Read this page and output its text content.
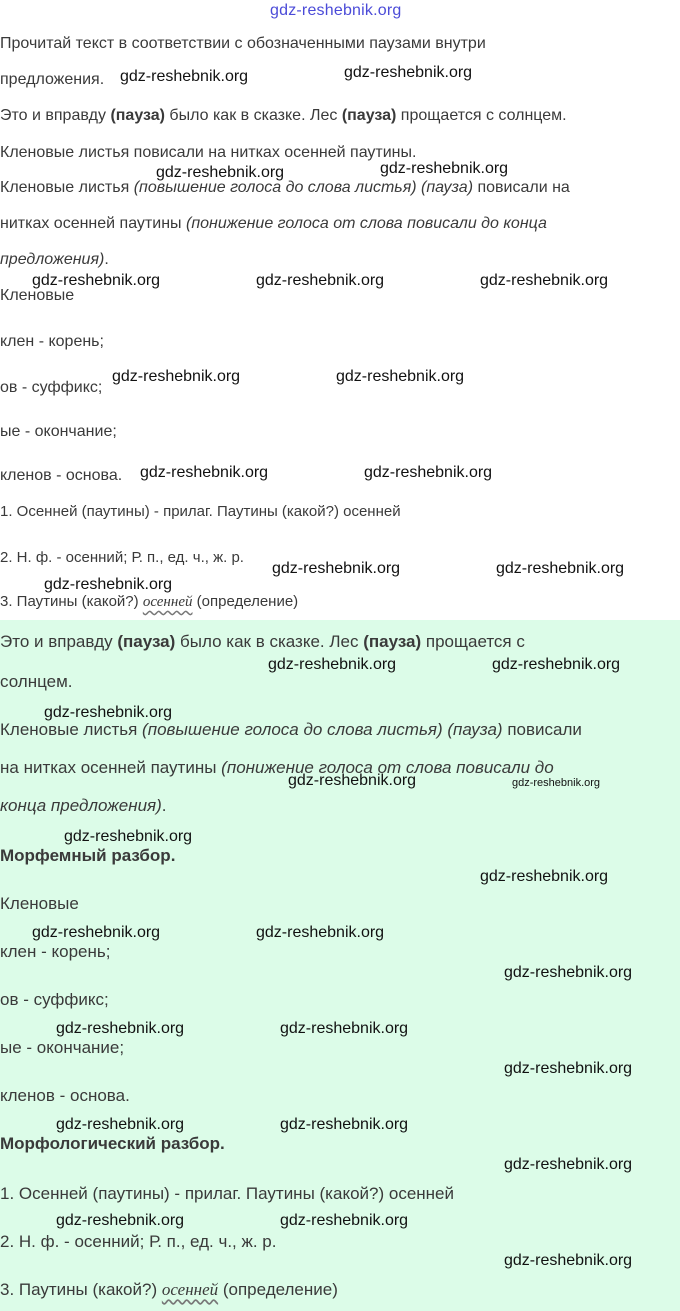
gdz-reshebnik.org
Прочитай текст в соответствии с обозначенными паузами внутри
предложения.
Это и вправду (пауза) было как в сказке. Лес (пауза) прощается с солнцем.
Кленовые листья повисали на нитках осенней паутины.
Кленовые листья (повышение голоса до слова листья) (пауза) повисали на
нитках осенней паутины (понижение голоса от слова повисали до конца
предложения).
Кленовые
клен - корень;
ов - суффикс;
ые - окончание;
кленов - основа.
1. Осенней (паутины) - прилаг. Паутины (какой?) осенней
2. Н. ф. - осенний; Р. п., ед. ч., ж. р.
3. Паутины (какой?) осенней (определение)
Это и вправду (пауза) было как в сказке. Лес (пауза) прощается с
солнцем.
Кленовые листья (повышение голоса до слова листья) (пауза) повисали
на нитках осенней паутины (понижение голоса от слова повисали до
конца предложения).
Морфемный разбор.
Кленовые
клен - корень;
ов - суффикс;
ые - окончание;
кленов - основа.
Морфологический разбор.
1. Осенней (паутины) - прилаг. Паутины (какой?) осенней
2. Н. ф. - осенний; Р. п., ед. ч., ж. р.
3. Паутины (какой?) осенней (определение)
gdz-reshebnik.org	gdz-reshebnik.org
gdz-reshebnik.org	gdz-reshebnik.org
gdz-reshebnik.org	gdz-reshebnik.org	gdz-reshebnik.org
gdz-reshebnik.org	gdz-reshebnik.org
gdz-reshebnik.org	gdz-reshebnik.org
gdz-reshebnik.org	gdz-reshebnik.org
gdz-reshebnik.org
gdz-reshebnik.org	gdz-reshebnik.org
gdz-reshebnik.org
gdz-reshebnik.org	gdz-reshebnik.org
gdz-reshebnik.org
gdz-reshebnik.org
gdz-reshebnik.org	gdz-reshebnik.org
gdz-reshebnik.org
gdz-reshebnik.org	gdz-reshebnik.org
gdz-reshebnik.org
gdz-reshebnik.org	gdz-reshebnik.org
gdz-reshebnik.org
gdz-reshebnik.org	gdz-reshebnik.org
gdz-reshebnik.org
